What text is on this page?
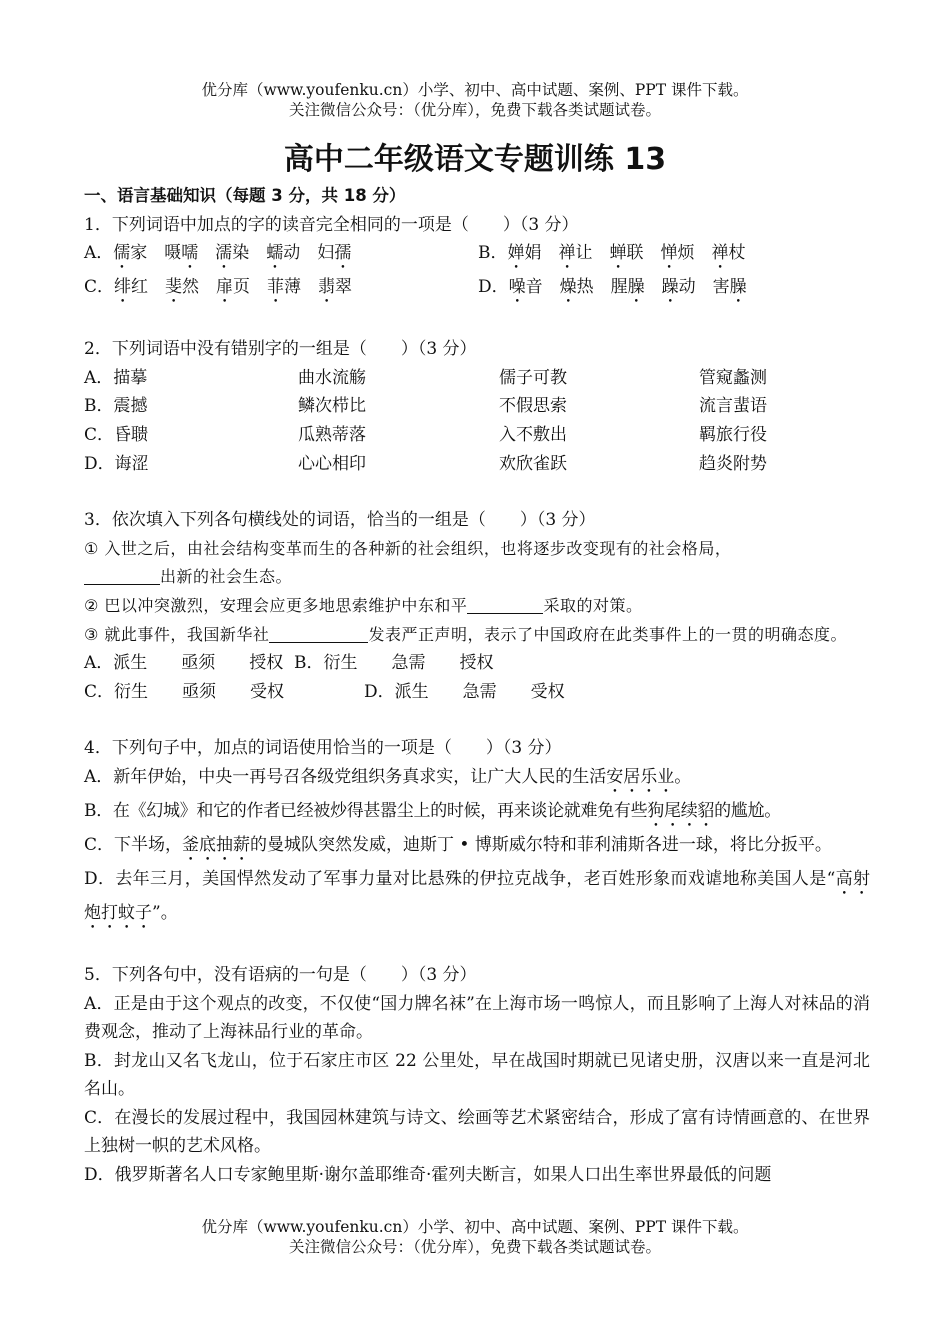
优分库（www.youfenku.cn）小学、初中、高中试题、案例、PPT 课件下载。
关注微信公众号：（优分库），免费下载各类试题试卷。
高中二年级语文专题训练 13
一、语言基础知识（每题 3 分，共 18 分）
1．下列词语中加点的字的读音完全相同的一项是（　　）（3 分）
A．儒家 嗫嚅 濡染 蠕动 妇孺	B．婵娟 禅让 蝉联 惮烦 禅杖
C．绯红 斐然 扉页 菲薄 翡翠	D．噪音 燥热 腥臊 躁动 害臊
2．下列词语中没有错别字的一组是（　　）（3 分）
A．描摹	曲水流觞	儒子可教	管窥蠡测
B．震撼	鳞次栉比	不假思索	流言蜚语
C．昏聩	瓜熟蒂落	入不敷出	羁旅行役
D．诲涩	心心相印	欢欣雀跃	趋炎附势
3．依次填入下列各句横线处的词语，恰当的一组是（　　）（3 分）

① 入世之后，由社会结构变革而生的各种新的社会组织，也将逐步改变现有的社会格局，
出新的社会生态。

② 巴以冲突激烈，安理会应更多地思索维护中东和平	采取的对策。

③ 就此事件，我国新华社	发表严正声明，表示了中国政府在此类事件上的一贯的明确态度。

A．派生　　亟须　　授权 B．衍生　　急需　　授权
C．衍生　　亟须　　受权	D．派生　　急需　　受权
4．下列句子中，加点的词语使用恰当的一项是（　　）（3 分）

A．新年伊始，中央一再号召各级党组织务真求实，让广大人民的生活安居乐业。

B．在《幻城》和它的作者已经被炒得甚嚣尘上的时候，再来谈论就难免有些狗尾续貂的尴尬。

C．下半场，釜底抽薪的曼城队突然发威，迪斯丁 • 博斯威尔特和菲利浦斯各进一球，将比分扳平。

D．去年三月，美国悍然发动了军事力量对比悬殊的伊拉克战争，老百姓形象而戏谑地称美国人是“高射炮打蚊子”。

5．下列各句中，没有语病的一句是（　　）（3 分）

A．正是由于这个观点的改变，不仅使“国力牌名袜”在上海市场一鸣惊人，而且影响了上海人对袜品的消费观念，推动了上海袜品行业的革命。

B．封龙山又名飞龙山，位于石家庄市区 22 公里处，早在战国时期就已见诸史册，汉唐以来一直是河北名山。

C．在漫长的发展过程中，我国园林建筑与诗文、绘画等艺术紧密结合，形成了富有诗情画意的、在世界上独树一帜的艺术风格。

D．俄罗斯著名人口专家鲍里斯·谢尔盖耶维奇·霍列夫断言，如果人口出生率世界最低的问题

优分库（www.youfenku.cn）小学、初中、高中试题、案例、PPT 课件下载。
关注微信公众号：（优分库），免费下载各类试题试卷。
